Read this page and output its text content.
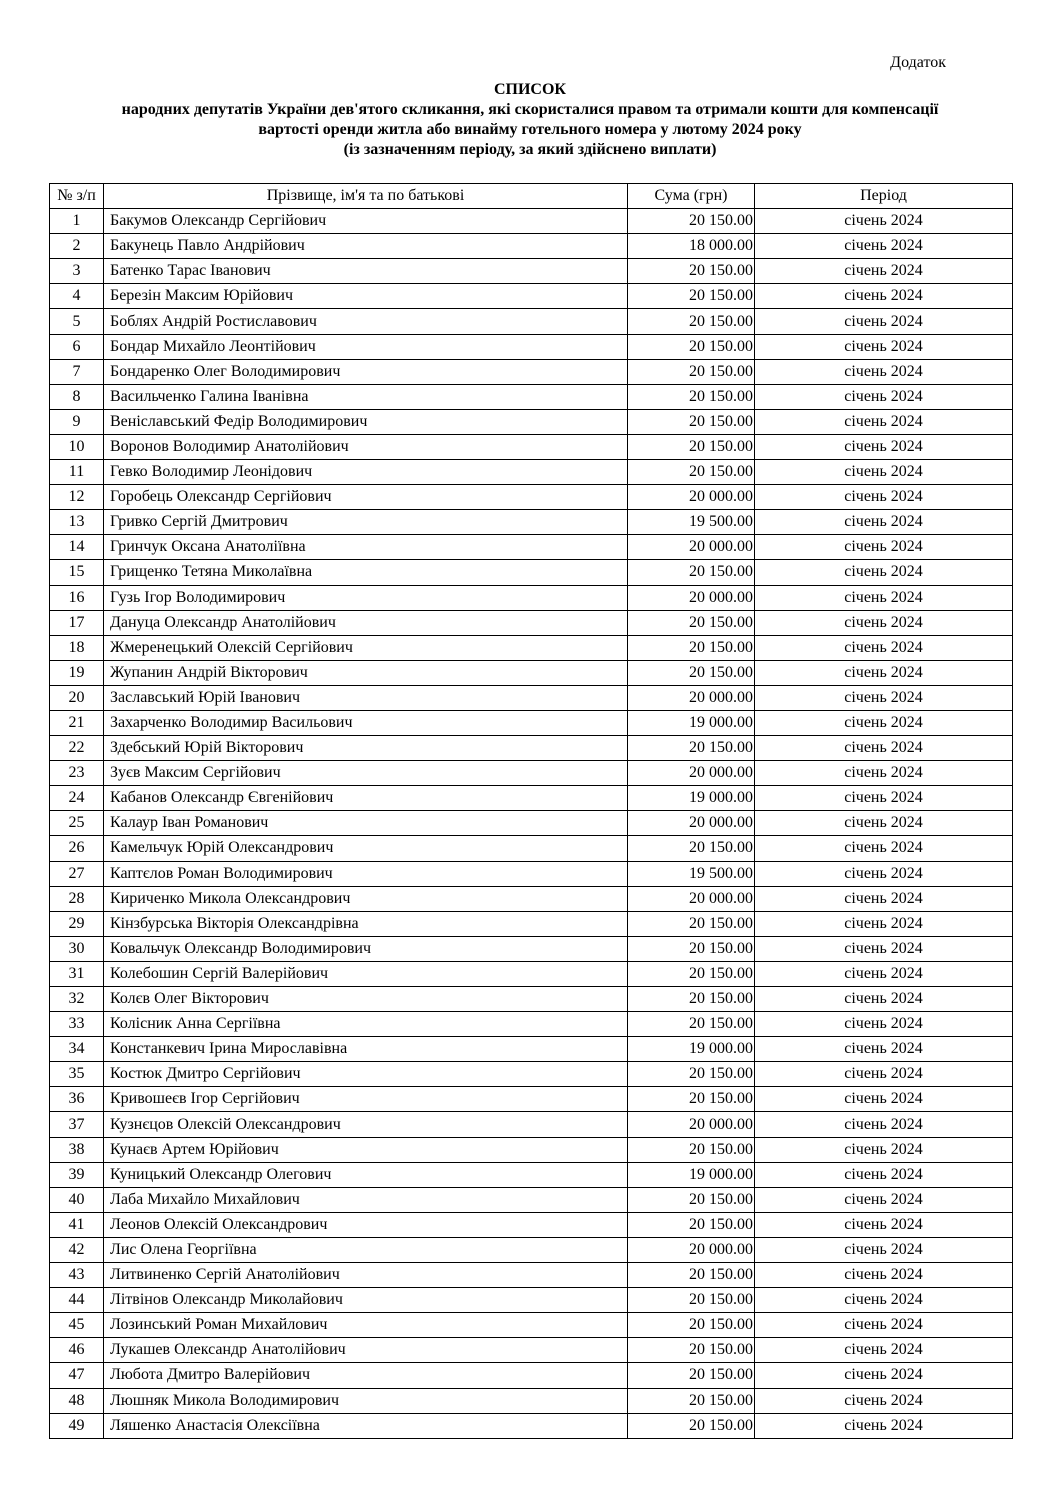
Додаток
СПИСОК
народних депутатів України дев'ятого скликання, які скористалися правом та отримали кошти для компенсації
вартості оренди житла або винайму готельного номера у лютому 2024 року
(із зазначенням періоду, за який здійснено виплати)
№ з/п	Прізвище, ім'я та по батькові	Сума (грн)	Період
1	Бакумов Олександр Сергійович	20 150.00	січень 2024
2	Бакунець Павло Андрійович	18 000.00	січень 2024
3	Батенко Тарас Іванович	20 150.00	січень 2024
4	Березін Максим Юрійович	20 150.00	січень 2024
5	Боблях Андрій Ростиславович	20 150.00	січень 2024
6	Бондар Михайло Леонтійович	20 150.00	січень 2024
7	Бондаренко Олег Володимирович	20 150.00	січень 2024
8	Васильченко Галина Іванівна	20 150.00	січень 2024
9	Веніславський Федір Володимирович	20 150.00	січень 2024
10	Воронов Володимир Анатолійович	20 150.00	січень 2024
11	Гевко Володимир Леонідович	20 150.00	січень 2024
12	Горобець Олександр Сергійович	20 000.00	січень 2024
13	Гривко Сергій Дмитрович	19 500.00	січень 2024
14	Гринчук Оксана Анатоліївна	20 000.00	січень 2024
15	Грищенко Тетяна Миколаївна	20 150.00	січень 2024
16	Гузь Ігор Володимирович	20 000.00	січень 2024
17	Дануца Олександр Анатолійович	20 150.00	січень 2024
18	Жмеренецький Олексій Сергійович	20 150.00	січень 2024
19	Жупанин Андрій Вікторович	20 150.00	січень 2024
20	Заславський Юрій Іванович	20 000.00	січень 2024
21	Захарченко Володимир Васильович	19 000.00	січень 2024
22	Здебський Юрій Вікторович	20 150.00	січень 2024
23	Зуєв Максим Сергійович	20 000.00	січень 2024
24	Кабанов Олександр Євгенійович	19 000.00	січень 2024
25	Калаур Іван Романович	20 000.00	січень 2024
26	Камельчук Юрій Олександрович	20 150.00	січень 2024
27	Каптєлов Роман Володимирович	19 500.00	січень 2024
28	Кириченко Микола Олександрович	20 000.00	січень 2024
29	Кінзбурська Вікторія Олександрівна	20 150.00	січень 2024
30	Ковальчук Олександр Володимирович	20 150.00	січень 2024
31	Колебошин Сергій Валерійович	20 150.00	січень 2024
32	Колєв Олег Вікторович	20 150.00	січень 2024
33	Колісник Анна Сергіївна	20 150.00	січень 2024
34	Констанкевич Ірина Мирославівна	19 000.00	січень 2024
35	Костюк Дмитро Сергійович	20 150.00	січень 2024
36	Кривошеєв Ігор Сергійович	20 150.00	січень 2024
37	Кузнєцов Олексій Олександрович	20 000.00	січень 2024
38	Кунаєв Артем Юрійович	20 150.00	січень 2024
39	Куницький Олександр Олегович	19 000.00	січень 2024
40	Лаба Михайло Михайлович	20 150.00	січень 2024
41	Леонов Олексій Олександрович	20 150.00	січень 2024
42	Лис Олена Георгіївна	20 000.00	січень 2024
43	Литвиненко Сергій Анатолійович	20 150.00	січень 2024
44	Літвінов Олександр Миколайович	20 150.00	січень 2024
45	Лозинський Роман Михайлович	20 150.00	січень 2024
46	Лукашев Олександр Анатолійович	20 150.00	січень 2024
47	Любота Дмитро Валерійович	20 150.00	січень 2024
48	Люшняк Микола Володимирович	20 150.00	січень 2024
49	Ляшенко Анастасія Олексіївна	20 150.00	січень 2024
